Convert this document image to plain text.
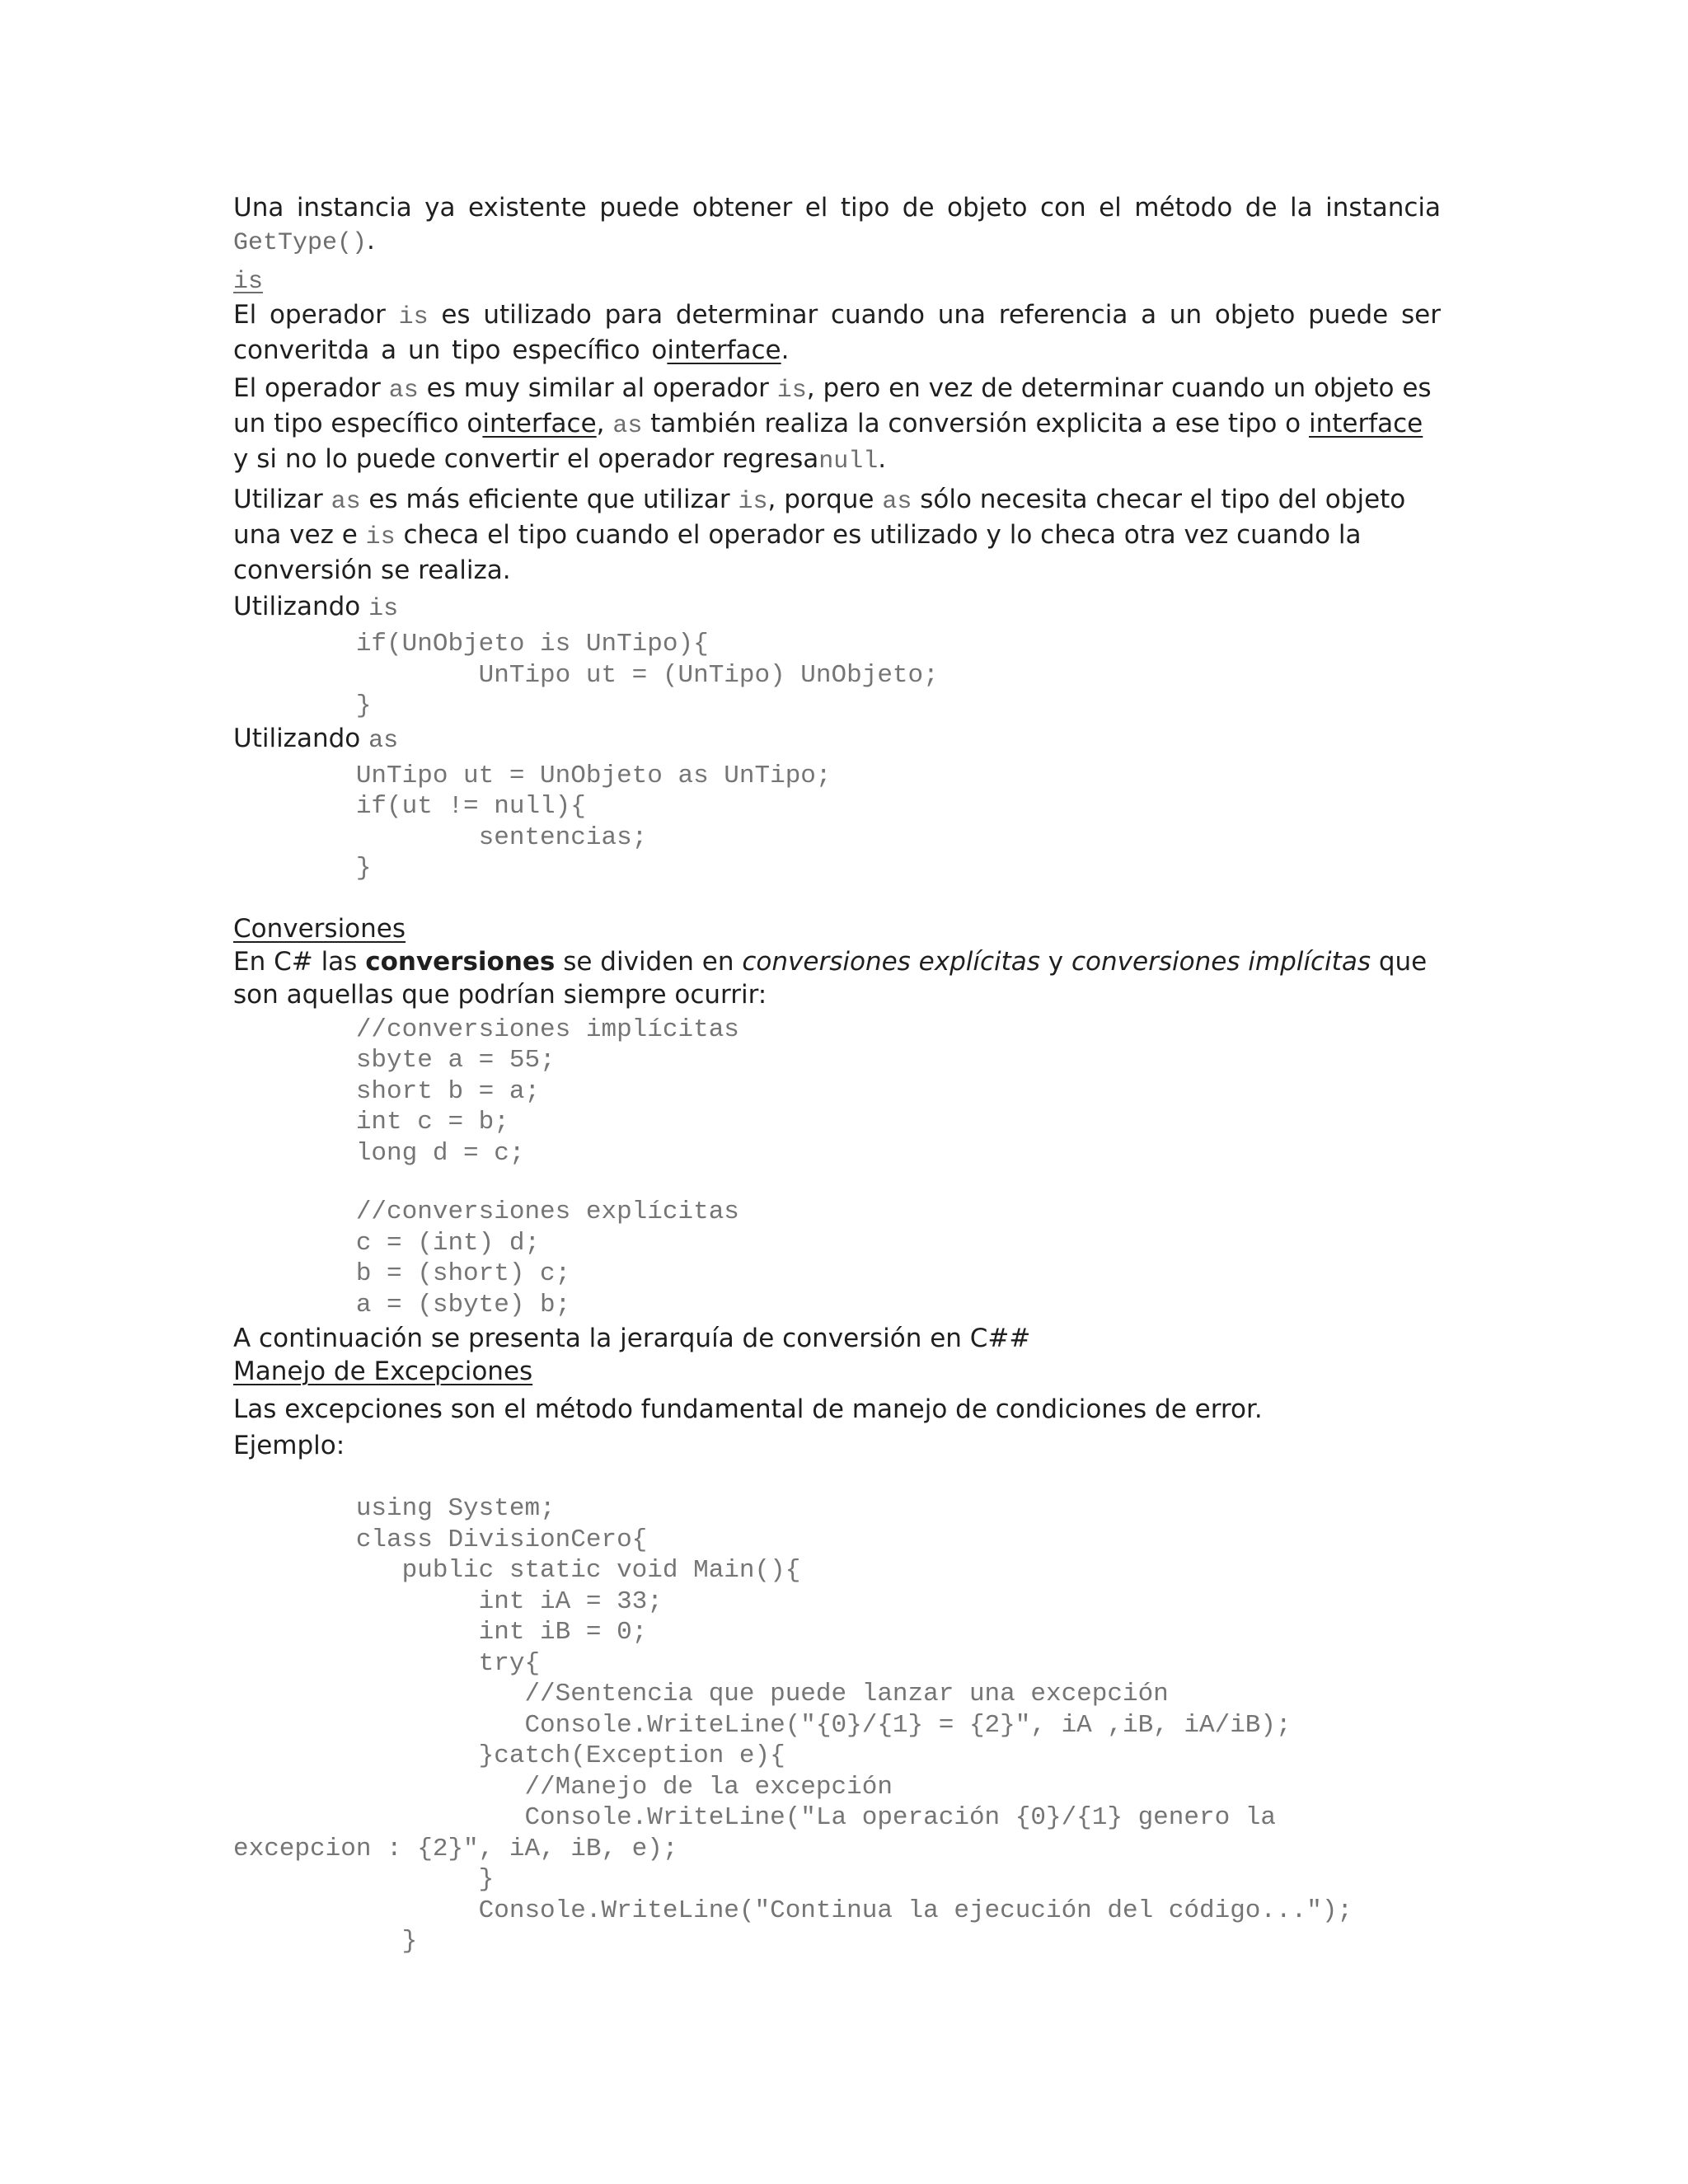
Una instancia ya existente puede obtener el tipo de objeto con el método de la instancia GetType().

is

El operador is es utilizado para determinar cuando una referencia a un objeto puede ser converitda a un tipo específico ointerface.

El operador as es muy similar al operador is, pero en vez de determinar cuando un objeto es un tipo específico ointerface, as también realiza la conversión explicita a ese tipo o interface y si no lo puede convertir el operador regresanull.

Utilizar as es más eficiente que utilizar is, porque as sólo necesita checar el tipo del objeto una vez e is checa el tipo cuando el operador es utilizado y lo checa otra vez cuando la conversión se realiza.

Utilizando is

if(UnObjeto is UnTipo){
UnTipo ut = (UnTipo) UnObjeto;
}

Utilizando as

UnTipo ut = UnObjeto as UnTipo;
if(ut != null){
sentencias;
}

Conversiones

En C# las conversiones se dividen en conversiones explícitas y conversiones implícitas que son aquellas que podrían siempre ocurrir:

//conversiones implícitas
sbyte a = 55;
short b = a;
int c = b;
long d = c;
//conversiones explícitas
c = (int) d;
b = (short) c;
a = (sbyte) b;

A continuación se presenta la jerarquía de conversión en C##

Manejo de Excepciones

Las excepciones son el método fundamental de manejo de condiciones de error.

Ejemplo:

using System;
class DivisionCero{
public static void Main(){
int iA = 33;
int iB = 0;
try{
//Sentencia que puede lanzar una excepción
Console.WriteLine("{0}/{1} = {2}", iA ,iB, iA/iB);
}catch(Exception e){
//Manejo de la excepción
Console.WriteLine("La operación {0}/{1} genero la
excepcion : {2}", iA, iB, e);
}
Console.WriteLine("Continua la ejecución del código...");
}
